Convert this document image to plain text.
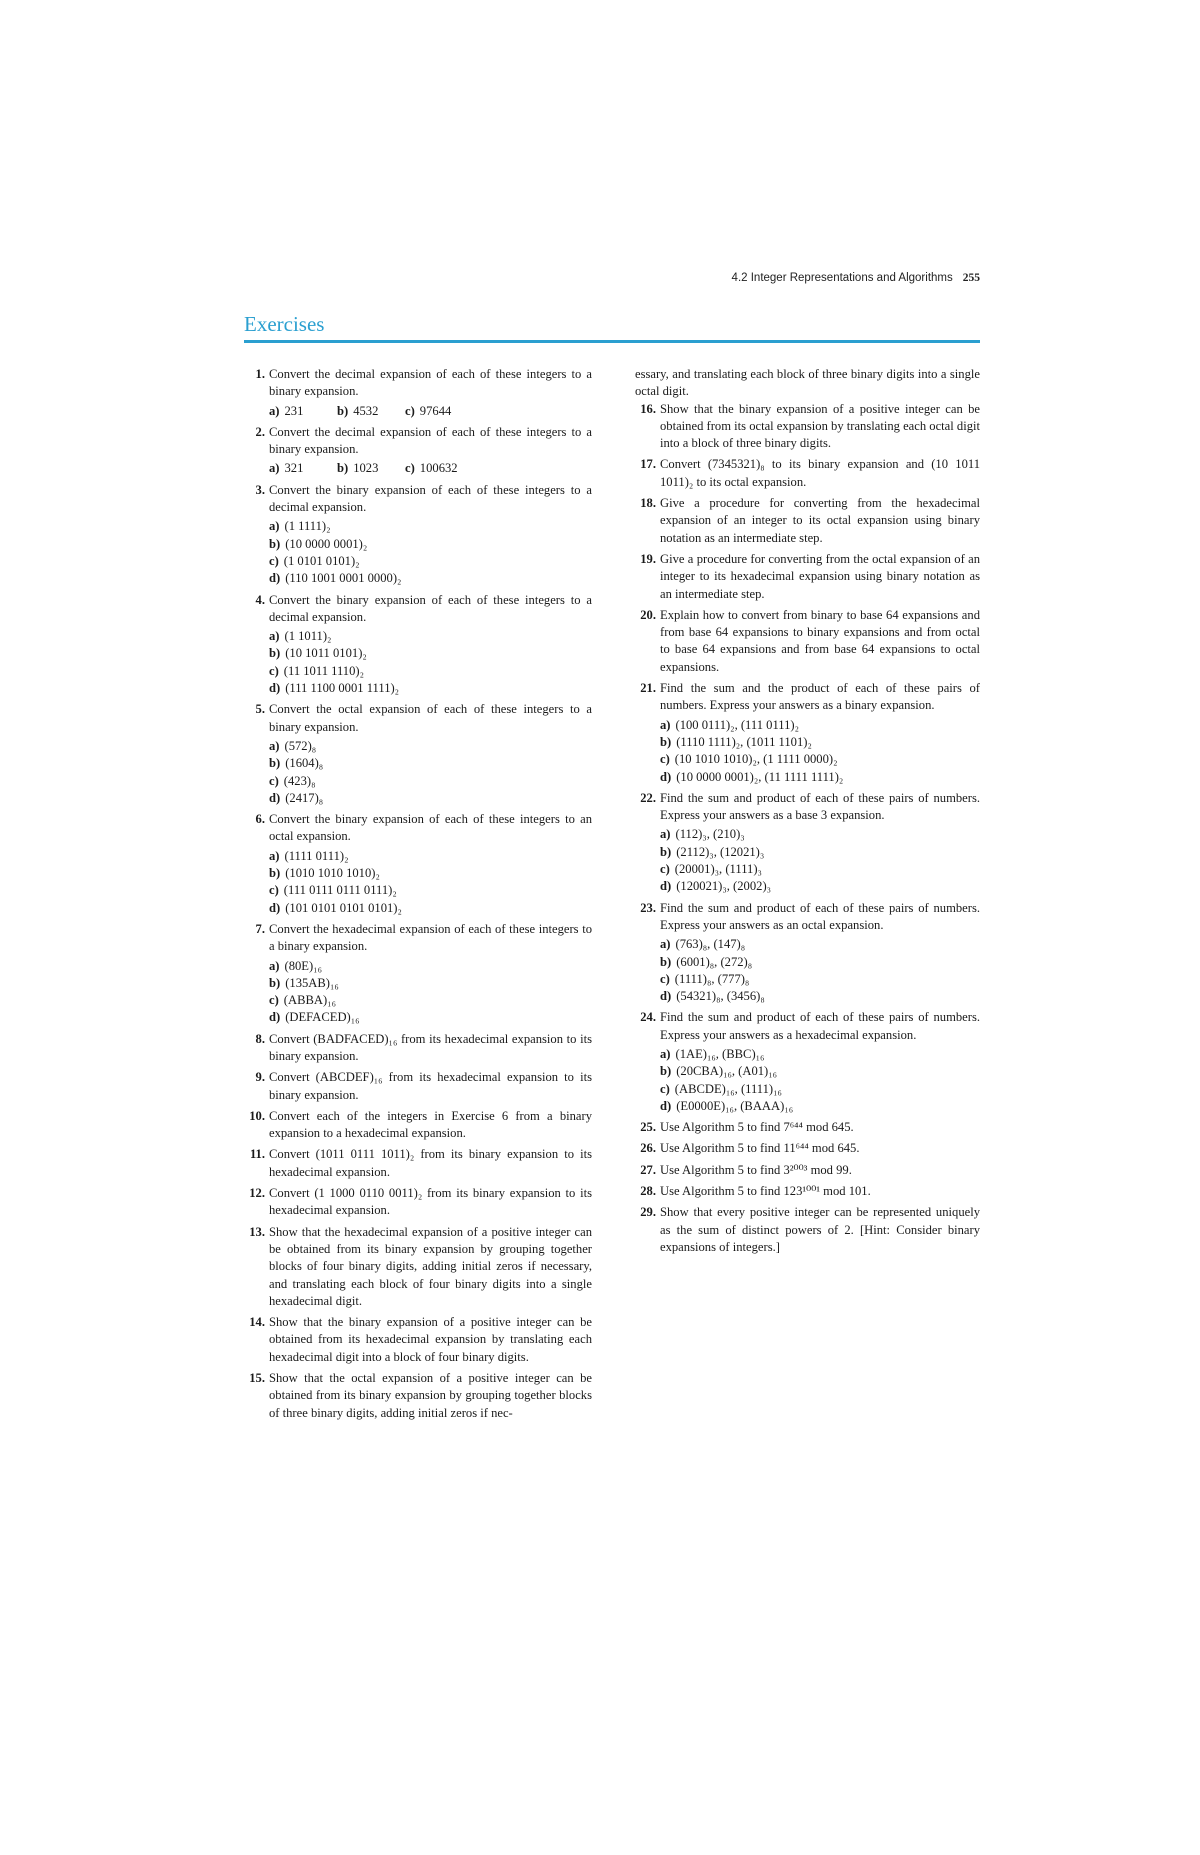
4.2 Integer Representations and Algorithms 255
Exercises
1. Convert the decimal expansion of each of these integers to a binary expansion.
a) 231	b) 4532 c) 97644
2. Convert the decimal expansion of each of these integers to a binary expansion.
a) 321	b) 1023 c) 100632
3. Convert the binary expansion of each of these integers to a decimal expansion.
a) (1 1111)₂b) (10 0000 0001)₂c) (1 0101 0101)₂d) (110 1001 0001 0000)₂
4. Convert the binary expansion of each of these integers to a decimal expansion.
a) (1 1011)₂b) (10 1011 0101)₂c) (11 1011 1110)₂d) (111 1100 0001 1111)₂
5. Convert the octal expansion of each of these integers to a binary expansion.
a) (572)₈b) (1604)₈c) (423)₈d) (2417)₈
6. Convert the binary expansion of each of these integers to an octal expansion.
a) (1111 0111)₂
b) (1010 1010 1010)₂
c) (111 0111 0111 0111)₂
d) (101 0101 0101 0101)₂
7. Convert the hexadecimal expansion of each of these integers to a binary expansion.
a) (80E)₁₆b) (135AB)₁₆c) (ABBA)₁₆d) (DEFACED)₁₆
8. Convert (BADFACED)₁₆ from its hexadecimal expansion to its binary expansion.
9. Convert (ABCDEF)₁₆ from its hexadecimal expansion to its binary expansion.
10. Convert each of the integers in Exercise 6 from a binary expansion to a hexadecimal expansion.
11. Convert (1011 0111 1011)₂ from its binary expansion to its hexadecimal expansion.
12. Convert (1 1000 0110 0011)₂ from its binary expansion to its hexadecimal expansion.
13. Show that the hexadecimal expansion of a positive integer can be obtained from its binary expansion by grouping together blocks of four binary digits, adding initial zeros if necessary, and translating each block of four binary digits into a single hexadecimal digit.
14. Show that the binary expansion of a positive integer can be obtained from its hexadecimal expansion by translating each hexadecimal digit into a block of four binary digits.
15. Show that the octal expansion of a positive integer can be obtained from its binary expansion by grouping together blocks of three binary digits, adding initial zeros if nec-
essary, and translating each block of three binary digits into a single octal digit.
16. Show that the binary expansion of a positive integer can be obtained from its octal expansion by translating each octal digit into a block of three binary digits.
17. Convert (7345321)₈ to its binary expansion and (10 1011 1011)₂ to its octal expansion.
18. Give a procedure for converting from the hexadecimal expansion of an integer to its octal expansion using binary notation as an intermediate step.
19. Give a procedure for converting from the octal expansion of an integer to its hexadecimal expansion using binary notation as an intermediate step.
20. Explain how to convert from binary to base 64 expansions and from base 64 expansions to binary expansions and from octal to base 64 expansions and from base 64 expansions to octal expansions.
21. Find the sum and the product of each of these pairs of numbers. Express your answers as a binary expansion.
a) (100 0111)₂, (111 0111)₂
b) (1110 1111)₂, (1011 1101)₂
c) (10 1010 1010)₂, (1 1111 0000)₂
d) (10 0000 0001)₂, (11 1111 1111)₂
22. Find the sum and product of each of these pairs of numbers. Express your answers as a base 3 expansion.
a) (112)₃, (210)₃
b) (2112)₃, (12021)₃
c) (20001)₃, (1111)₃
d) (120021)₃, (2002)₃
23. Find the sum and product of each of these pairs of numbers. Express your answers as an octal expansion.
a) (763)₈, (147)₈
b) (6001)₈, (272)₈
c) (1111)₈, (777)₈
d) (54321)₈, (3456)₈
24. Find the sum and product of each of these pairs of numbers. Express your answers as a hexadecimal expansion.
a) (1AE)₁₆, (BBC)₁₆
b) (20CBA)₁₆, (A01)₁₆
c) (ABCDE)₁₆, (1111)₁₆
d) (E0000E)₁₆, (BAAA)₁₆
25. Use Algorithm 5 to find 7⁶⁴⁴ mod 645.
26. Use Algorithm 5 to find 11⁶⁴⁴ mod 645.
27. Use Algorithm 5 to find 3²⁰⁰³ mod 99.
28. Use Algorithm 5 to find 123¹⁰⁰¹ mod 101.
29. Show that every positive integer can be represented uniquely as the sum of distinct powers of 2. [Hint: Consider binary expansions of integers.]
